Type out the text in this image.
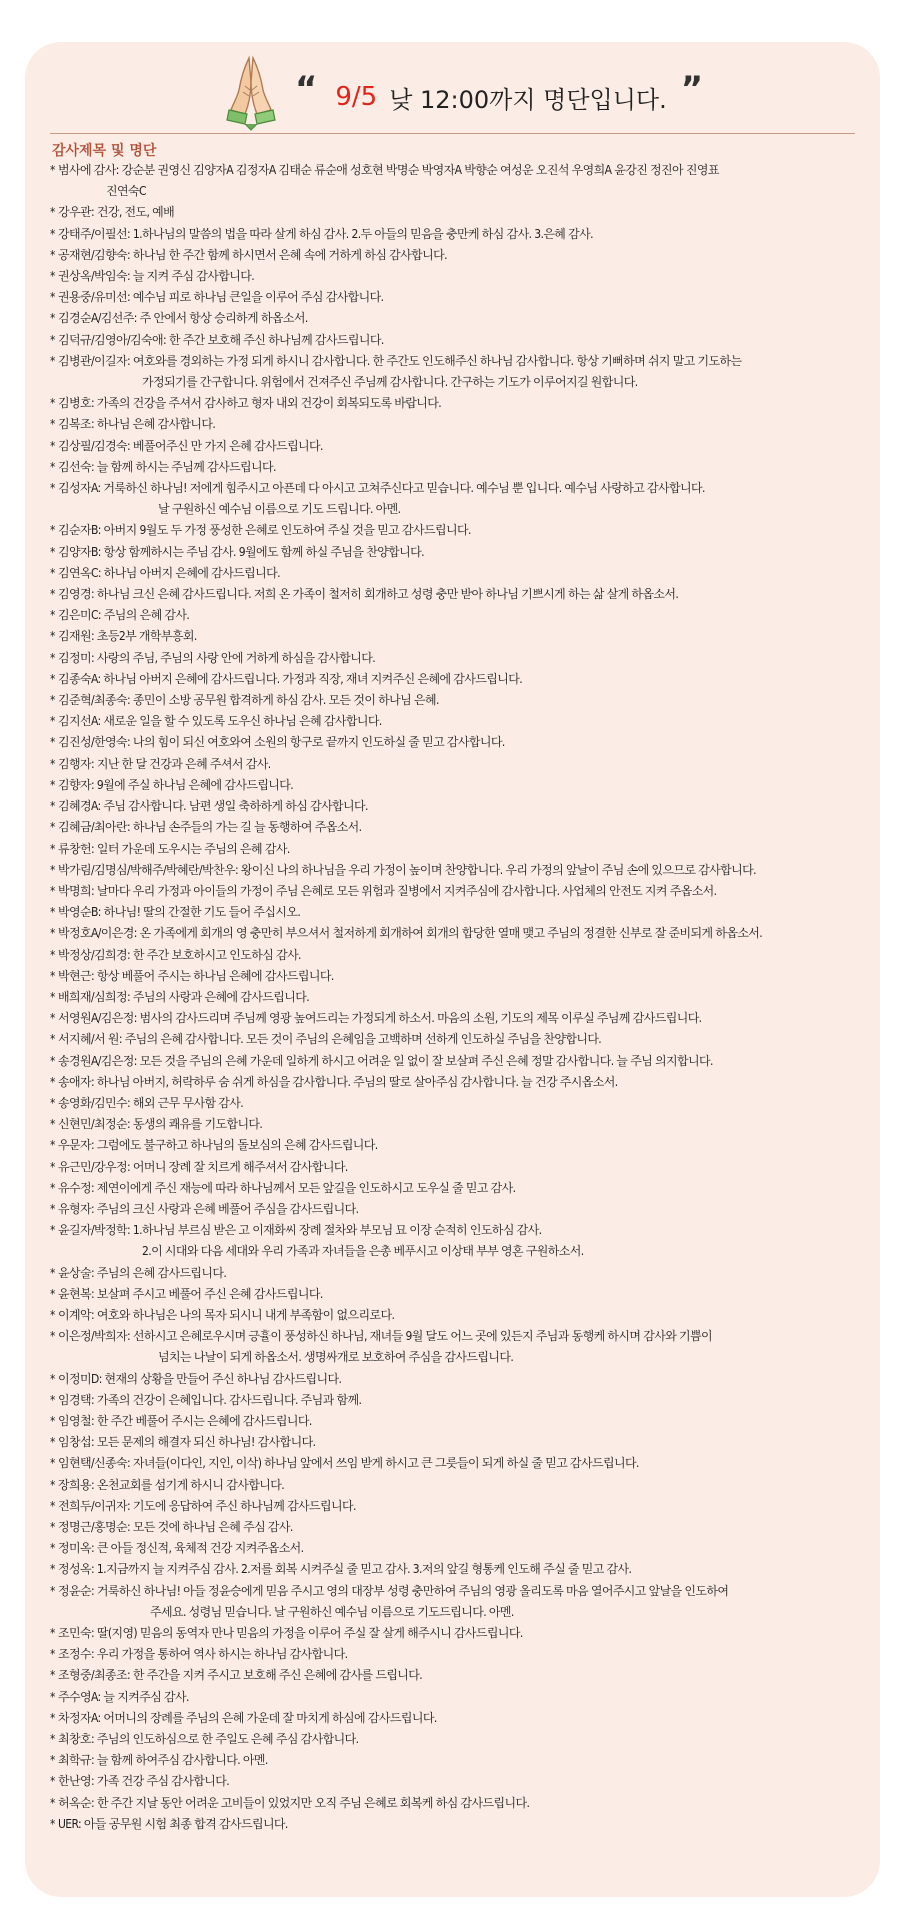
“ 9/5 낮 12:00까지 명단입니다. ”
감사제목 및 명단
* 범사에 감사: 강순분 권영신 김양자A 김정자A 김태순 류순애 성호현 박명순 박영자A 박향순 여성운 오진석 우영희A 윤강진 정진아 진영표
진연숙C
* 강우관: 건강, 전도, 예배
* 강태주/이필선: 1.하나님의 말씀의 법을 따라 살게 하심 감사. 2.두 아들의 믿음을 충만케 하심 감사. 3.은혜 감사.
* 공재현/김향숙: 하나님 한 주간 함께 하시면서 은혜 속에 거하게 하심 감사합니다.
* 권상옥/박임숙: 늘 지켜 주심 감사합니다.
* 권용중/유미선: 예수님 피로 하나님 큰일을 이루어 주심 감사합니다.
* 김경순A/김선주: 주 안에서 항상 승리하게 하옵소서.
* 김덕규/김영아/김숙애: 한 주간 보호해 주신 하나님께 감사드립니다.
* 김병관/이길자: 여호와를 경외하는 가정 되게 하시니 감사합니다. 한 주간도 인도해주신 하나님 감사합니다. 항상 기뻐하며 쉬지 말고 기도하는
가정되기를 간구합니다. 위험에서 건져주신 주님께 감사합니다. 간구하는 기도가 이루어지길 원합니다.
* 김병호: 가족의 건강을 주셔서 감사하고 형자 내외 건강이 회복되도록 바랍니다.
* 김복조: 하나님 은혜 감사합니다.
* 김상필/김경숙: 베풀어주신 만 가지 은혜 감사드립니다.
* 김선숙: 늘 함께 하시는 주님께 감사드립니다.
* 김성자A: 거룩하신 하나님! 저에게 힘주시고 아픈데 다 아시고 고쳐주신다고 믿습니다. 예수님 뿐 입니다. 예수님 사랑하고 감사합니다.
날 구원하신 예수님 이름으로 기도 드립니다. 아멘.
* 김순자B: 아버지 9월도 두 가정 풍성한 은혜로 인도하여 주실 것을 믿고 감사드립니다.
* 김양자B: 항상 함께하시는 주님 감사. 9월에도 함께 하실 주님을 찬양합니다.
* 김연옥C: 하나님 아버지 은혜에 감사드립니다.
* 김영경: 하나님 크신 은혜 감사드립니다. 저희 온 가족이 철저히 회개하고 성령 충만 받아 하나님 기쁘시게 하는 삶 살게 하옵소서.
* 김은미C: 주님의 은혜 감사.
* 김재원: 초등2부 개학부흥회.
* 김정미: 사랑의 주님, 주님의 사랑 안에 거하게 하심을 감사합니다.
* 김종숙A: 하나님 아버지 은혜에 감사드립니다. 가정과 직장, 재녀 지켜주신 은혜에 감사드립니다.
* 김준혁/최종숙: 종민이 소방 공무원 합격하게 하심 감사. 모든 것이 하나님 은혜.
* 김지선A: 새로운 일을 할 수 있도록 도우신 하나님 은혜 감사합니다.
* 김진성/한영숙: 나의 힘이 되신 여호와여 소원의 항구로 끝까지 인도하실 줄 믿고 감사합니다.
* 김행자: 지난 한 달 건강과 은혜 주셔서 감사.
* 김향자: 9월에 주실 하나님 은혜에 감사드립니다.
* 김혜경A: 주님 감사합니다. 남편 생일 축하하게 하심 감사합니다.
* 김혜금/최아란: 하나님 손주들의 가는 길 늘 동행하여 주옵소서.
* 류창헌: 일터 가운데 도우시는 주님의 은혜 감사.
* 박가림/김명심/박해주/박혜란/박찬우: 왕이신 나의 하나님을 우리 가정이 높이며 찬양합니다. 우리 가정의 앞날이 주님 손에 있으므로 감사합니다.
* 박명희: 날마다 우리 가정과 아이들의 가정이 주님 은혜로 모든 위험과 질병에서 지켜주심에 감사합니다. 사업체의 안전도 지켜 주옵소서.
* 박영순B: 하나님! 딸의 간절한 기도 들어 주십시오.
* 박정호A/이은경: 온 가족에게 회개의 영 충만히 부으셔서 철저하게 회개하여 회개의 합당한 열매 맺고 주님의 정결한 신부로 잘 준비되게 하옵소서.
* 박정상/김희경: 한 주간 보호하시고 인도하심 감사.
* 박현근: 항상 베풀어 주시는 하나님 은혜에 감사드립니다.
* 배희재/심희정: 주님의 사랑과 은혜에 감사드립니다.
* 서영원A/김은정: 범사의 감사드리며 주님께 영광 높여드리는 가정되게 하소서. 마음의 소원, 기도의 제목 이루실 주님께 감사드립니다.
* 서지혜/서 원: 주님의 은혜 감사합니다. 모든 것이 주님의 은혜임을 고백하며 선하게 인도하실 주님을 찬양합니다.
* 송경원A/김은정: 모든 것을 주님의 은혜 가운데 일하게 하시고 어려운 일 없이 잘 보살펴 주신 은혜 정말 감사합니다. 늘 주님 의지합니다.
* 송애자: 하나님 아버지, 허락하루 숨 쉬게 하심을 감사합니다. 주님의 딸로 살아주심 감사합니다. 늘 건강 주시옵소서.
* 송영화/김민수: 해외 근무 무사함 감사.
* 신현민/최정순: 동생의 쾌유를 기도합니다.
* 우문자: 그럼에도 불구하고 하나님의 돌보심의 은혜 감사드립니다.
* 유근민/강우정: 어머니 장례 잘 치르게 해주셔서 감사합니다.
* 유수정: 제연이에게 주신 재능에 따라 하나님께서 모든 앞길을 인도하시고 도우실 줄 믿고 감사.
* 유형자: 주님의 크신 사랑과 은혜 베풀어 주심을 감사드립니다.
* 윤길자/박정학: 1.하나님 부르심 받은 고 이재화씨 장례 절차와 부모님 묘 이장 순적히 인도하심 감사.
2.이 시대와 다음 세대와 우리 가족과 자녀들을 은총 베푸시고 이상태 부부 영혼 구원하소서.
* 윤상술: 주님의 은혜 감사드립니다.
* 윤현복: 보살펴 주시고 베풀어 주신 은혜 감사드립니다.
* 이계악: 여호와 하나님은 나의 목자 되시니 내게 부족함이 없으리로다.
* 이은정/박희자: 선하시고 은혜로우시며 긍휼이 풍성하신 하나님, 재녀들 9월 달도 어느 곳에 있든지 주님과 동행케 하시며 감사와 기쁨이
넘치는 나날이 되게 하옵소서. 생명싸개로 보호하여 주심을 감사드립니다.
* 이정미D: 현재의 상황을 만들어 주신 하나님 감사드립니다.
* 임경택: 가족의 건강이 은혜입니다. 감사드립니다. 주님과 함께.
* 임영철: 한 주간 베풀어 주시는 은혜에 감사드립니다.
* 임창섭: 모든 문제의 해결자 되신 하나님! 감사합니다.
* 임현택/신종숙: 자녀들(이다인, 지인, 이삭) 하나님 앞에서 쓰임 받게 하시고 큰 그릇들이 되게 하실 줄 믿고 감사드립니다.
* 장희용: 온천교회를 섬기게 하시니 감사합니다.
* 전희두/이귀자: 기도에 응답하여 주신 하나님께 감사드립니다.
* 정명근/홍명순: 모든 것에 하나님 은혜 주심 감사.
* 정미옥: 큰 아들 정신적, 육체적 건강 지켜주옵소서.
* 정성옥: 1.지금까지 늘 지켜주심 감사. 2.저를 회복 시켜주실 줄 믿고 감사. 3.저의 앞길 형통케 인도해 주실 줄 믿고 감사.
* 정윤순: 거룩하신 하나님! 아들 정윤승에게 믿음 주시고 영의 대장부 성령 충만하여 주님의 영광 올리도록 마음 열어주시고 앞날을 인도하여
주세요. 성령님 믿습니다. 날 구원하신 예수님 이름으로 기도드립니다. 아멘.
* 조민숙: 딸(지영) 믿음의 동역자 만나 믿음의 가정을 이루어 주실 잘 살게 해주시니 감사드립니다.
* 조정수: 우리 가정을 통하여 역사 하시는 하나님 감사합니다.
* 조형중/최종조: 한 주간을 지켜 주시고 보호해 주신 은혜에 감사를 드립니다.
* 주수영A: 늘 지켜주심 감사.
* 차정자A: 어머니의 장례를 주님의 은혜 가운데 잘 마치게 하심에 감사드립니다.
* 최창호: 주님의 인도하심으로 한 주일도 은혜 주심 감사합니다.
* 최학규: 늘 함께 하여주심 감사합니다. 아멘.
* 한난영: 가족 건강 주심 감사합니다.
* 허옥순: 한 주간 지날 동안 어려운 고비들이 있었지만 오직 주님 은혜로 회복케 하심 감사드립니다.
* UER: 아들 공무원 시험 최종 합격 감사드립니다.
